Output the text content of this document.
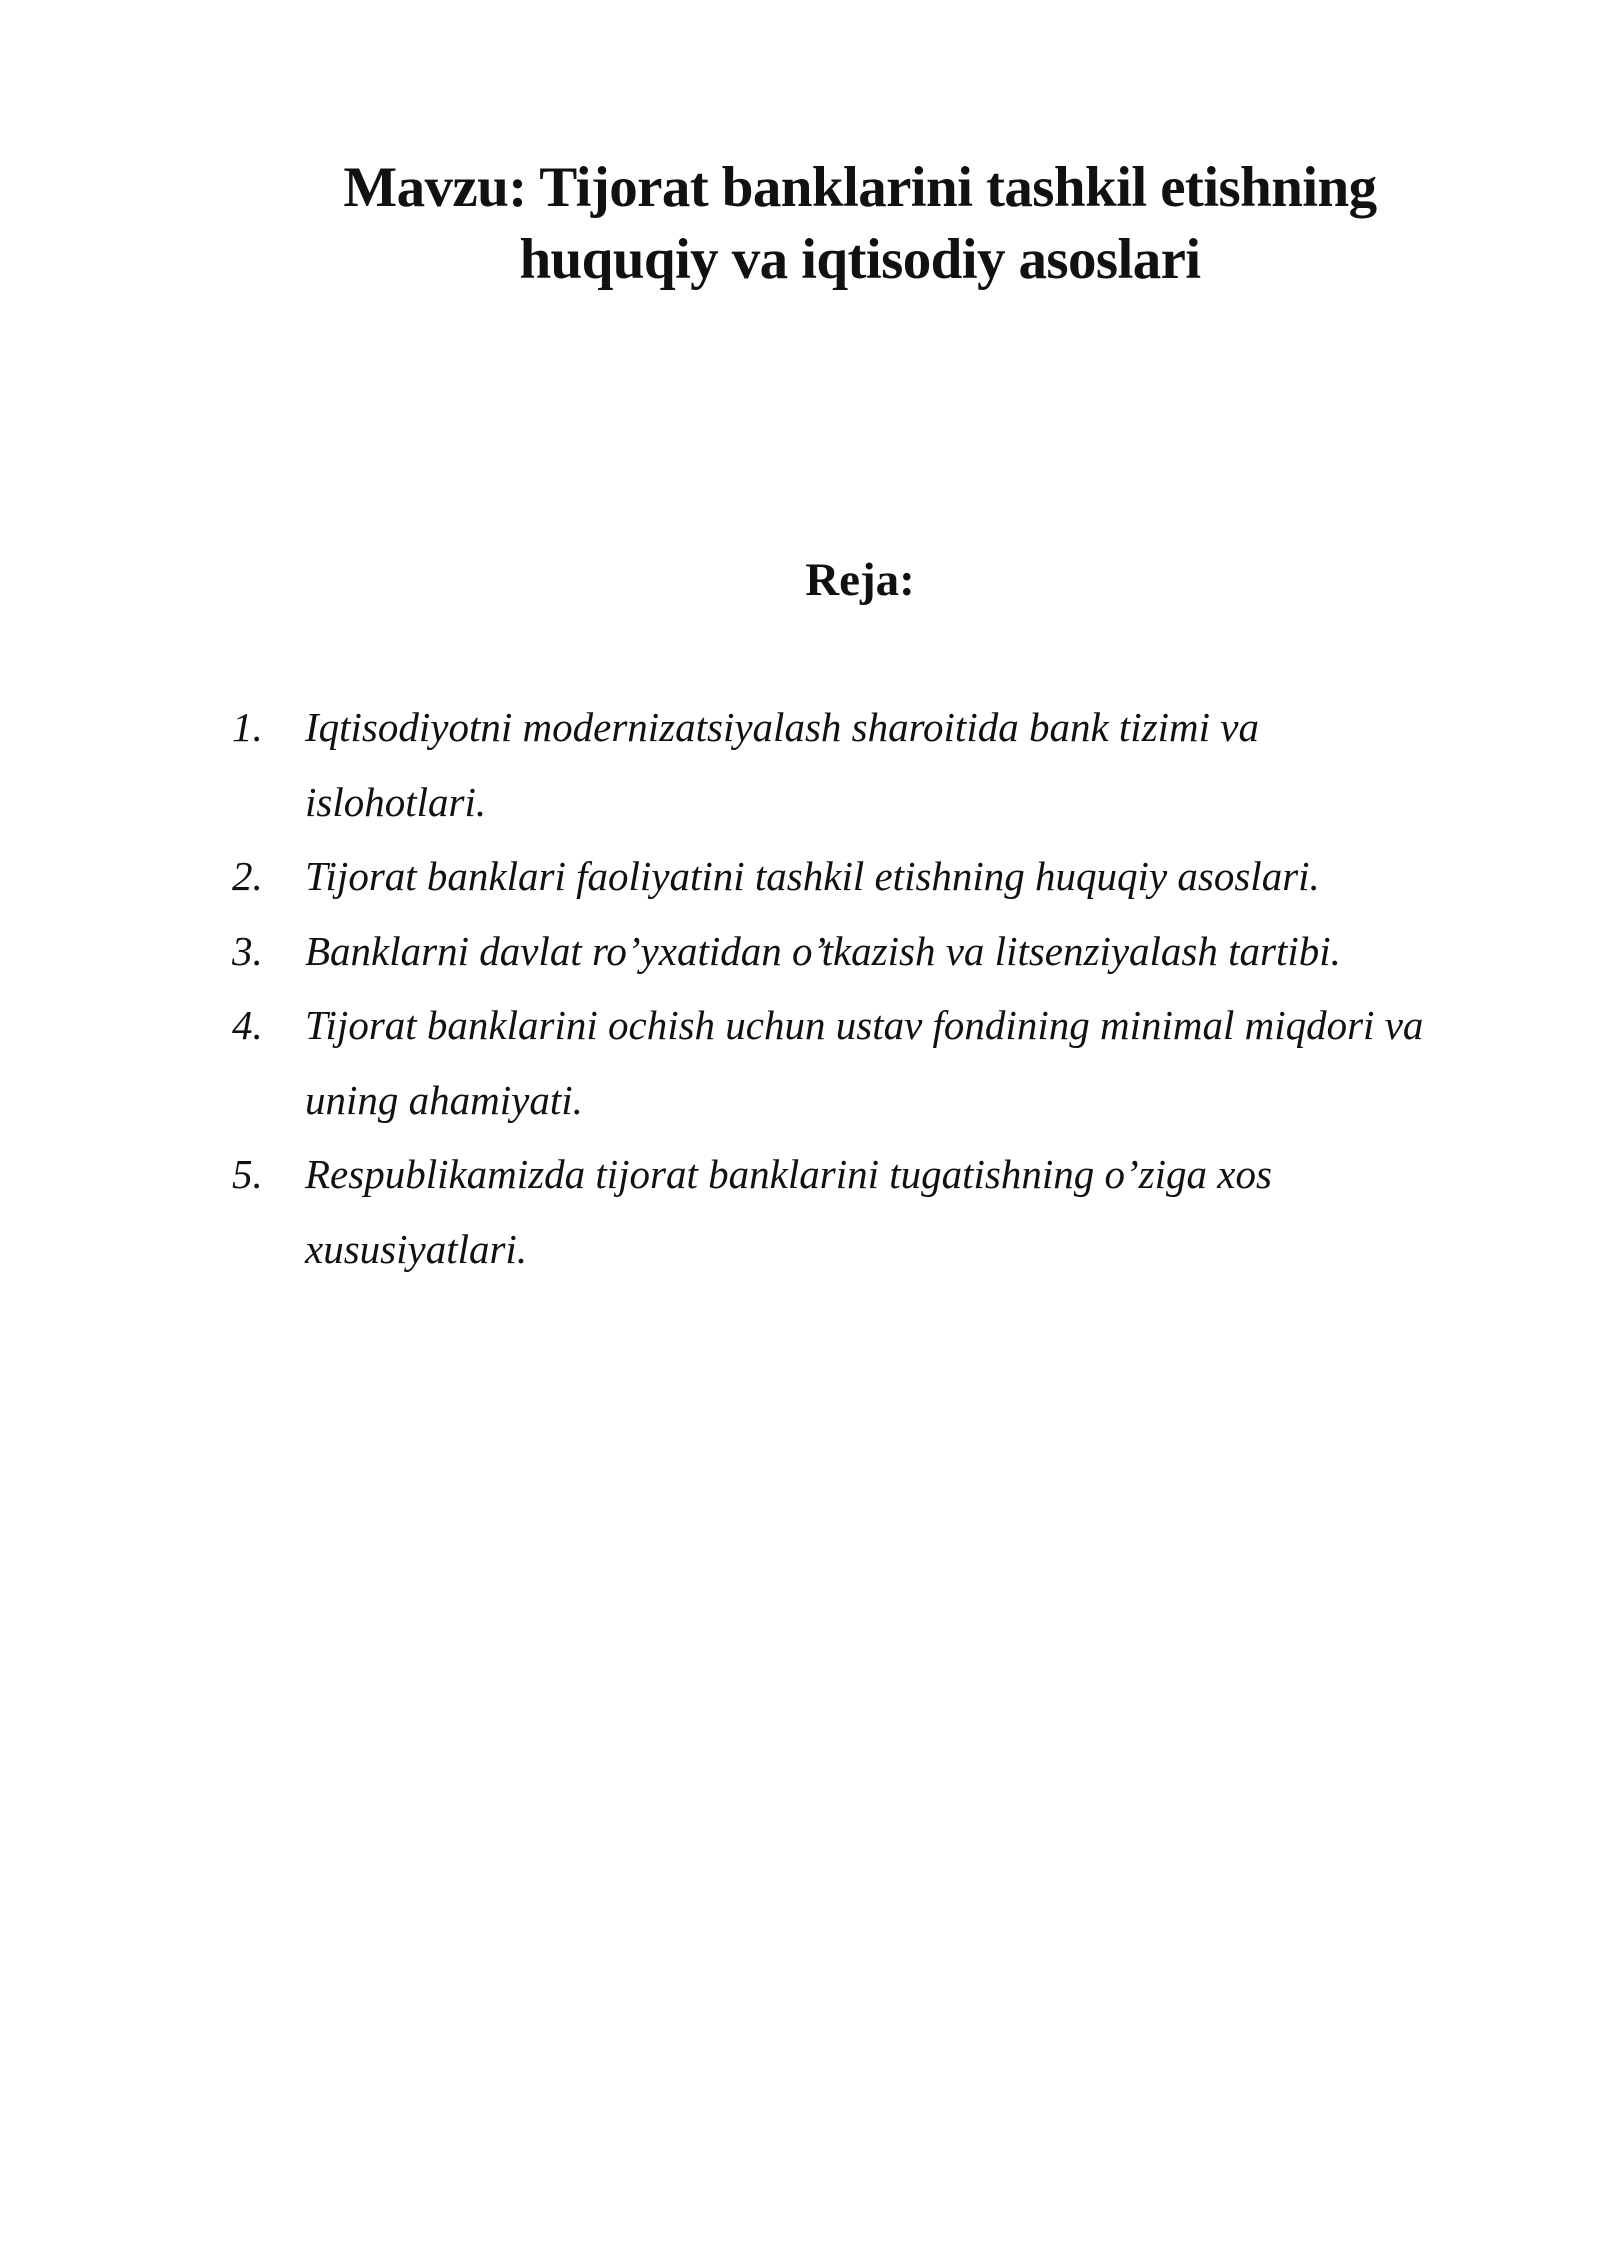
Mavzu: Tijorat banklarini tashkil etishning
huquqiy va iqtisodiy asoslari
Reja:
1.	Iqtisodiyotni modernizatsiyalash sharoitida bank tizimi va
islohotlari.
2.	Tijorat banklari faoliyatini tashkil etishning huquqiy asoslari.
3.	Banklarni davlat ro’yxatidan o’tkazish va litsenziyalash tartibi.
4.	Tijorat banklarini ochish uchun ustav fondining minimal miqdori va
uning ahamiyati.
5.	Respublikamizda tijorat banklarini tugatishning o’ziga xos
xususiyatlari.
